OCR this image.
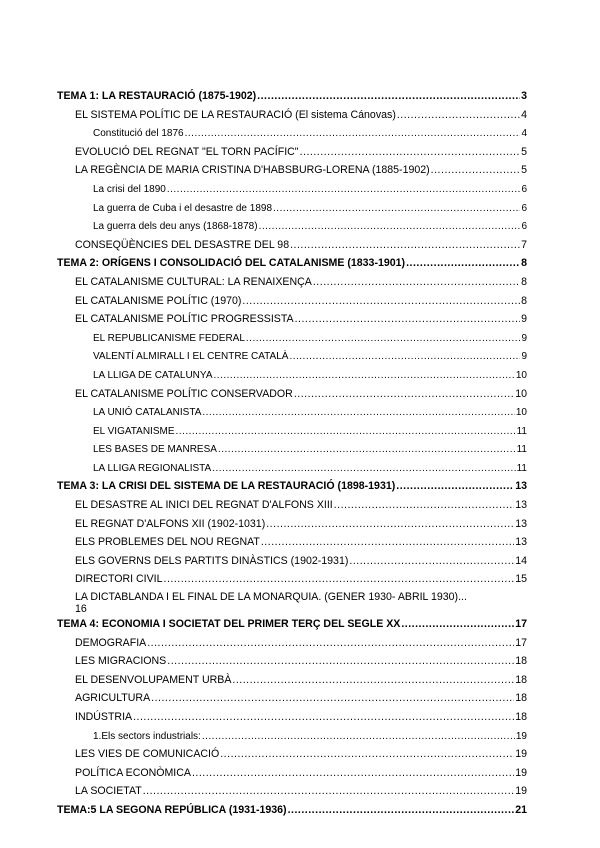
TEMA 1: LA RESTAURACIÓ (1875-1902) .....	3
EL SISTEMA POLÍTIC DE LA RESTAURACIÓ (El sistema Cánovas) .....	4
Constitució del 1876 .....	4
EVOLUCIÓ DEL REGNAT "EL TORN PACÍFIC" .....	5
LA REGÈNCIA DE MARIA CRISTINA D'HABSBURG-LORENA (1885-1902) .....	5
La crisi del 1890 .....	6
La guerra de Cuba i el desastre de 1898 .....	6
La guerra dels deu anys (1868-1878) .....	6
CONSEQÜÈNCIES DEL DESASTRE DEL 98 .....	7
TEMA 2: ORÍGENS I CONSOLIDACIÓ DEL CATALANISME (1833-1901) .....	8
EL CATALANISME CULTURAL: LA RENAIXENÇA .....	8
EL CATALANISME POLÍTIC (1970) .....	8
EL CATALANISME POLÍTIC PROGRESSISTA .....	9
EL REPUBLICANISME FEDERAL .....	9
VALENTÍ ALMIRALL I EL CENTRE CATALÀ .....	9
LA LLIGA DE CATALUNYA .....	10
EL CATALANISME POLÍTIC CONSERVADOR .....	10
LA UNIÓ CATALANISTA .....	10
EL VIGATANISME .....	11
LES BASES DE MANRESA .....	11
LA LLIGA REGIONALISTA .....	11
TEMA 3: LA CRISI DEL SISTEMA DE LA RESTAURACIÓ (1898-1931) .....	13
EL DESASTRE AL INICI DEL REGNAT D'ALFONS XIII .....	13
EL REGNAT D'ALFONS XII (1902-1031) .....	13
ELS PROBLEMES DEL NOU REGNAT .....	13
ELS GOVERNS DELS PARTITS DINÀSTICS (1902-1931) .....	14
DIRECTORI CIVIL .....	15
LA DICTABLANDA I EL FINAL DE LA MONARQUIA. (GENER 1930- ABRIL 1930)...
16
TEMA 4: ECONOMIA I SOCIETAT DEL PRIMER TERÇ DEL SEGLE XX .....	17
DEMOGRAFIA .....	17
LES MIGRACIONS .....	18
EL DESENVOLUPAMENT URBÀ .....	18
AGRICULTURA .....	18
INDÚSTRIA .....	18
1.Els sectors industrials: .....	19
LES VIES DE COMUNICACIÓ .....	19
POLÍTICA ECONÒMICA .....	19
LA SOCIETAT .....	19
TEMA:5 LA SEGONA REPÚBLICA (1931-1936) .....	21
